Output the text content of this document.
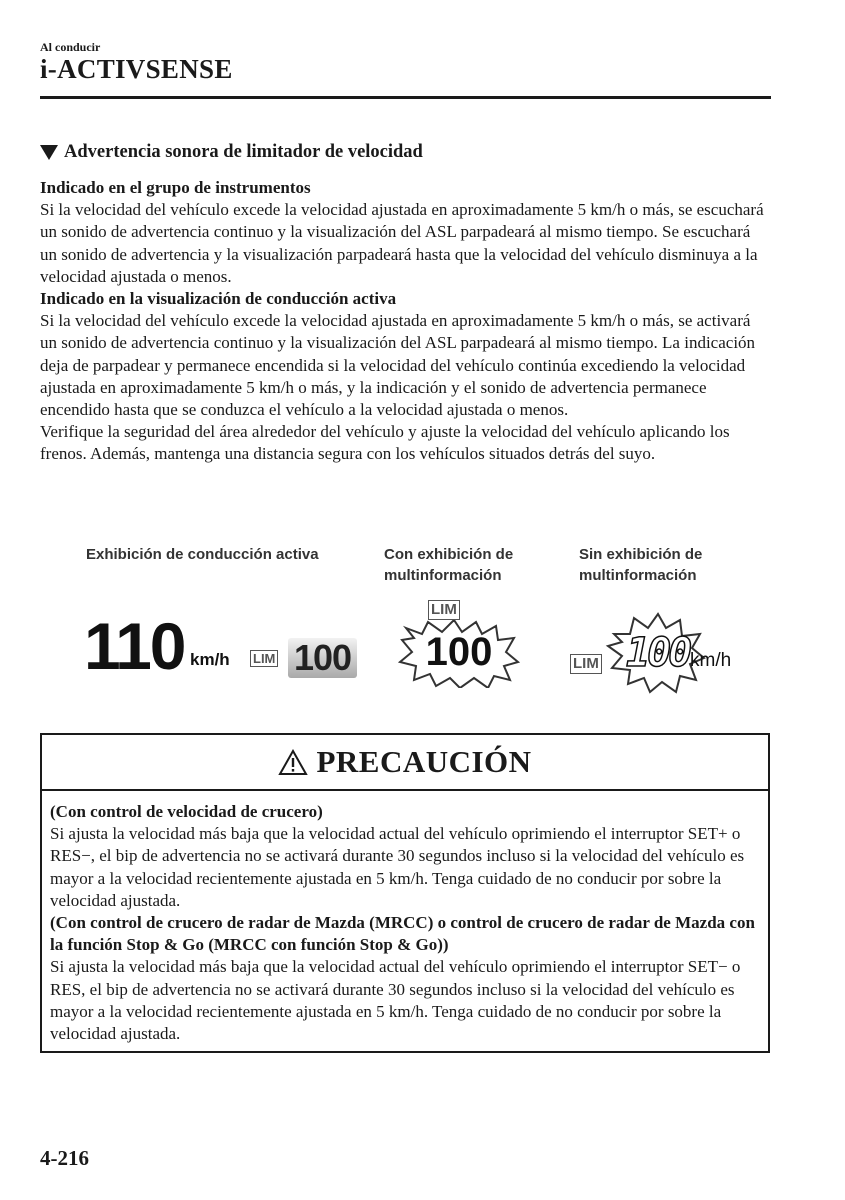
Al conducir
i-ACTIVSENSE
Advertencia sonora de limitador de velocidad

Indicado en el grupo de instrumentos

Si la velocidad del vehículo excede la velocidad ajustada en aproximadamente 5 km/h o más, se escuchará un sonido de advertencia continuo y la visualización del ASL parpadeará al mismo tiempo. Se escuchará un sonido de advertencia y la visualización parpadeará hasta que la velocidad del vehículo disminuya a la velocidad ajustada o menos.

Indicado en la visualización de conducción activa

Si la velocidad del vehículo excede la velocidad ajustada en aproximadamente 5 km/h o más, se activará un sonido de advertencia continuo y la visualización del ASL parpadeará al mismo tiempo. La indicación deja de parpadear y permanece encendida si la velocidad del vehículo continúa excediendo la velocidad ajustada en aproximadamente 5 km/h o más, y la indicación y el sonido de advertencia permanece encendido hasta que se conduzca el vehículo a la velocidad ajustada o menos.

Verifique la seguridad del área alrededor del vehículo y ajuste la velocidad del vehículo aplicando los frenos. Además, mantenga una distancia segura con los vehículos situados detrás del suyo.

Exhibición de conducción activa	Con exhibición de
multinformación
Sin exhibición de
multinformación
110 km/h LIM 100
LIM
100	LIM 100 km/h
PRECAUCIÓN

(Con control de velocidad de crucero)

Si ajusta la velocidad más baja que la velocidad actual del vehículo oprimiendo el interruptor SET+ o RES−, el bip de advertencia no se activará durante 30 segundos incluso si la velocidad del vehículo es mayor a la velocidad recientemente ajustada en 5 km/h. Tenga cuidado de no conducir por sobre la velocidad ajustada.

(Con control de crucero de radar de Mazda (MRCC) o control de crucero de radar de Mazda con la función Stop & Go (MRCC con función Stop & Go))

Si ajusta la velocidad más baja que la velocidad actual del vehículo oprimiendo el interruptor SET− o RES, el bip de advertencia no se activará durante 30 segundos incluso si la velocidad del vehículo es mayor a la velocidad recientemente ajustada en 5 km/h. Tenga cuidado de no conducir por sobre la velocidad ajustada.

4-216
